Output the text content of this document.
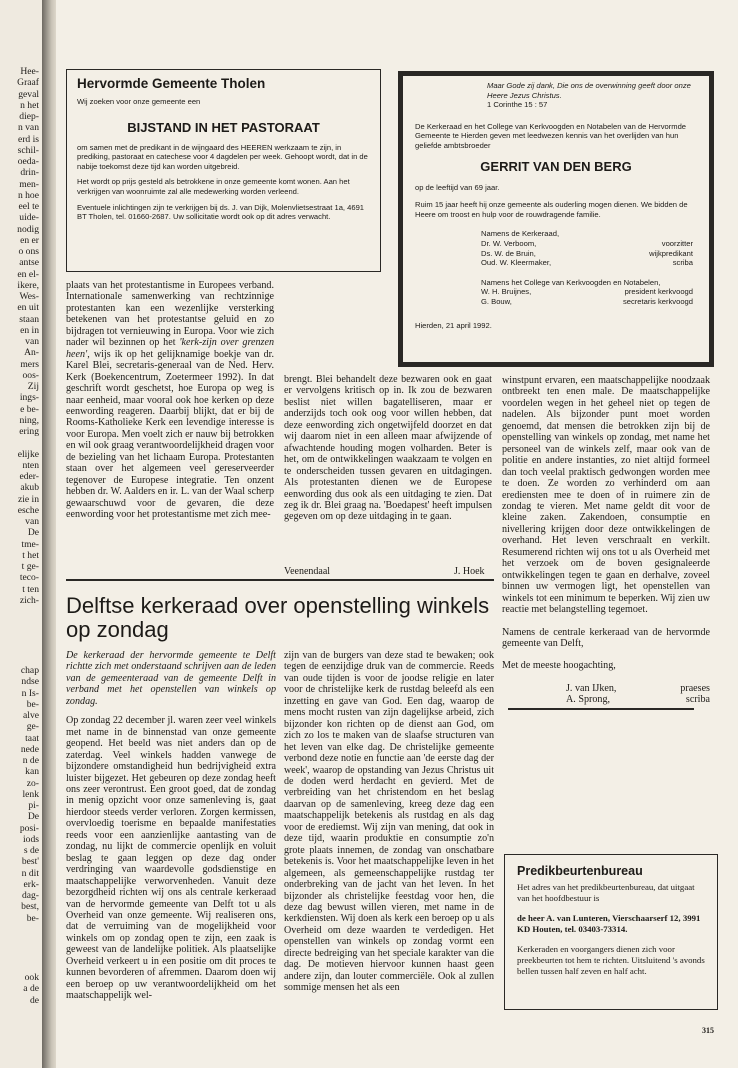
Hee-

Graaf

geval

n het

diep-

n van

erd is

schil-

oeda-

drin-

men-

n hoe

eel te

uide-

nodig

en er

o ons

antse

en el-

ikere,

Wes-

en uit

staan

en in

van

An-

mers

oos-

Zij

ings-

e be-

ning,

ering

elijke

nten

eder-

akub

zie in

esche

van

De

tme-

t het

t ge-

teco-

t ten

zich-

chap

ndse

n Is-

be-

alve

ge-

taat

nede

n de

kan

zo-

lenk

pi-

De

posi-

iods

s de

best'

n dit

erk-

dag-

best,

be-

ook

a de

de

Hervormde Gemeente Tholen
Wij zoeken voor onze gemeente een
BIJSTAND IN HET PASTORAAT
om samen met de predikant in de wijngaard des HEEREN werkzaam te zijn, in prediking, pastoraat en catechese voor 4 dagdelen per week. Gehoopt wordt, dat in de nabije toekomst deze tijd kan worden uitgebreid.
Het wordt op prijs gesteld als betrokkene in onze gemeente komt wonen. Aan het verkrijgen van woonruimte zal alle medewerking worden verleend.
Eventuele inlichtingen zijn te verkrijgen bij ds. J. van Dijk, Molenvlietsestraat 1a, 4691 BT Tholen, tel. 01660-2687. Uw sollicitatie wordt ook op dit adres verwacht.
Maar Gode zij dank, Die ons de overwinning geeft door onze Heere Jezus Christus.
1 Corinthe 15 : 57
De Kerkeraad en het College van Kerkvoogden en Notabelen van de Hervormde Gemeente te Hierden geven met leedwezen kennis van het overlijden van hun geliefde ambtsbroeder
GERRIT VAN DEN BERG
op de leeftijd van 69 jaar.
Ruim 15 jaar heeft hij onze gemeente als ouderling mogen dienen. We bidden de Heere om troost en hulp voor de rouwdragende familie.
Namens de Kerkeraad,
Dr. W. Verboom,	voorzitter
Ds. W. de Bruin,	wijkpredikant
Oud. W. Kleermaker,	scriba
Namens het College van Kerkvoogden en Notabelen,
W. H. Bruijnes,	president kerkvoogd
G. Bouw,	secretaris kerkvoogd
Hierden, 21 april 1992.

plaats van het protestantisme in Europees verband. Internationale samenwerking van rechtzinnige protestanten kan een wezenlijke versterking betekenen van het protestantse geluid en zo bijdragen tot vernieuwing in Europa. Voor wie zich nader wil bezinnen op het 'kerk-zijn over grenzen heen', wijs ik op het gelijknamige boekje van dr. Karel Blei, secretaris-generaal van de Ned. Herv. Kerk (Boekencentrum, Zoetermeer 1992). In dat geschrift wordt geschetst, hoe Europa op weg is naar eenheid, maar vooral ook hoe kerken op deze eenwording reageren. Daarbij blijkt, dat er bij de Rooms-Katholieke Kerk een levendige interesse is voor Europa. Men voelt zich er nauw bij betrokken en wil ook graag verantwoordelijkheid dragen voor de bezieling van het lichaam Europa. Protestanten staan over het algemeen veel gereserveerder tegenover de Europese integratie. Ten onzent hebben dr. W. Aalders en ir. L. van der Waal scherp gewaarschuwd voor de gevaren, die deze eenwording voor het protestantisme met zich mee-

brengt. Blei behandelt deze bezwaren ook en gaat er vervolgens kritisch op in. Ik zou de bezwaren beslist niet willen bagatelliseren, maar er anderzijds toch ook oog voor willen hebben, dat deze eenwording zich ongetwijfeld doorzet en dat wij daarom niet in een alleen maar afwijzende of afwachtende houding mogen volharden. Beter is het, om de ontwikkelingen waakzaam te volgen en te onderscheiden tussen gevaren en uitdagingen. Als protestanten dienen we de Europese eenwording dus ook als een uitdaging te zien. Dat zeg ik dr. Blei graag na. 'Boedapest' heeft impulsen gegeven om op deze uitdaging in te gaan.

Veenendaal	J. Hoek

winstpunt ervaren, een maatschappelijke noodzaak ontbreekt ten enen male. De maatschappelijke voordelen wegen in het geheel niet op tegen de nadelen. Als bijzonder punt moet worden genoemd, dat mensen die betrokken zijn bij de openstelling van winkels op zondag, met name het personeel van de winkels zelf, maar ook van de politie en andere instanties, zo niet altijd formeel dan toch veelal praktisch gedwongen worden mee te doen. Ze worden zo verhinderd om aan erediensten mee te doen of in ruimere zin de zondag te vieren. Met name geldt dit voor de kleine zaken. Zakendoen, consumptie en nivellering krijgen door deze ontwikkelingen de overhand. Het leven verschraalt en verkilt. Resumerend richten wij ons tot u als Overheid met het verzoek om de boven gesignaleerde ontwikkelingen tegen te gaan en derhalve, zoveel binnen uw vermogen ligt, het openstellen van winkels tot een minimum te beperken. Wij zien uw reactie met belangstelling tegemoet.

Namens de centrale kerkeraad van de hervormde gemeente van Delft,

Met de meeste hoogachting,

J. van IJken,	praeses
A. Sprong,	scriba
Delftse kerkeraad over openstelling winkels op zondag

De kerkeraad der hervormde gemeente te Delft richtte zich met onderstaand schrijven aan de leden van de gemeenteraad van de gemeente Delft in verband met het openstellen van winkels op zondag.

Op zondag 22 december jl. waren zeer veel winkels met name in de binnenstad van onze gemeente geopend. Het beeld was niet anders dan op de zaterdag. Veel winkels hadden vanwege de bijzondere omstandigheid hun bedrijvigheid extra luister bijgezet. Het gebeuren op deze zondag heeft ons zeer verontrust. Een groot goed, dat de zondag in menig opzicht voor onze samenleving is, gaat hierdoor steeds verder verloren. Zorgen kermissen, overvloedig toerisme en bepaalde manifestaties reeds voor een aanzienlijke aantasting van de zondag, nu lijkt de commercie openlijk en voluit beslag te gaan leggen op deze dag onder verdringing van waardevolle godsdienstige en maatschappelijke verworvenheden. Vanuit deze bezorgdheid richten wij ons als centrale kerkeraad van de hervormde gemeente van Delft tot u als Overheid van onze gemeente. Wij realiseren ons, dat de verruiming van de mogelijkheid voor winkels om op zondag open te zijn, een zaak is geweest van de landelijke politiek. Als plaatselijke Overheid verkeert u in een positie om dit proces te kunnen bevorderen of afremmen. Daarom doen wij een beroep op uw verantwoordelijkheid om het maatschappelijk wel-

zijn van de burgers van deze stad te bewaken; ook tegen de eenzijdige druk van de commercie. Reeds van oude tijden is voor de joodse religie en later voor de christelijke kerk de rustdag beleefd als een inzetting en gave van God. Een dag, waarop de mens mocht rusten van zijn dagelijkse arbeid, zich bijzonder kon richten op de dienst aan God, om zich zo los te maken van de slaafse structuren van het leven van elke dag. De christelijke gemeente verbond deze notie en functie aan 'de eerste dag der week', waarop de opstanding van Jezus Christus uit de doden werd herdacht en gevierd. Met de verbreiding van het christendom en het beslag daarvan op de samenleving, kreeg deze dag een maatschappelijk betekenis als rustdag en als dag voor de erediemst. Wij zijn van mening, dat ook in deze tijd, waarin produktie en consumptie zo'n grote plaats innemen, de zondag van onschatbare betekenis is. Voor het maatschappelijke leven in het algemeen, als gemeenschappelijke rustdag ter onderbreking van de jacht van het leven. In het bijzonder als christelijke feestdag voor hen, die deze dag bewust willen vieren, met name in de kerkdiensten. Wij doen als kerk een beroep op u als Overheid om deze waarden te verdedigen. Het openstellen van winkels op zondag vormt een directe bedreiging van het speciale karakter van die dag. De motieven hiervoor kunnen haast geen andere zijn, dan louter commerciële. Ook al zullen sommige mensen het als een

Predikbeurtenbureau
Het adres van het predikbeurtenbureau, dat uitgaat van het hoofdbestuur is
de heer A. van Lunteren, Vierschaarserf 12, 3991 KD Houten, tel. 03403-73314.
Kerkeraden en voorgangers dienen zich voor preekbeurten tot hem te richten. Uitsluitend 's avonds bellen tussen half zeven en half acht.
315
